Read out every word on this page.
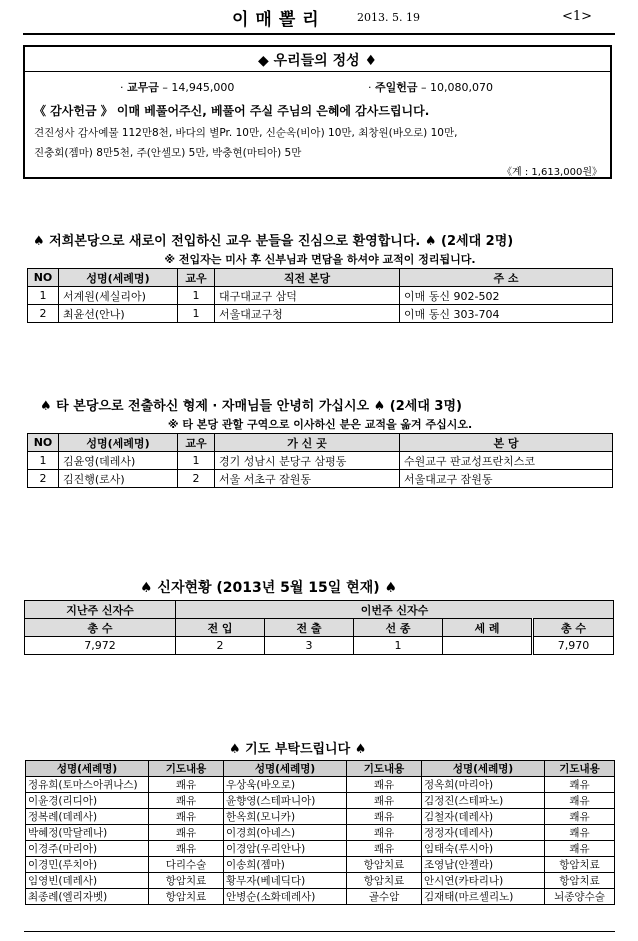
이매뽈리	2013. 5. 19	<1>
◆ 우리들의 정성 ♦
· 교무금 – 14,945,000	· 주일헌금 – 10,080,070
《 감사헌금 》 이매 베풀어주신, 베풀어 주실 주님의 은혜에 감사드립니다.
견진성사 감사예물 112만8천, 바다의 별Pr. 10만, 신순옥(비아) 10만, 최창원(바오로) 10만,
진충회(젬마) 8만5천, 주(안셀모) 5만, 박충현(마티아) 5만
《계 : 1,613,000원》
♠ 저희본당으로 새로이 전입하신 교우 분들을 진심으로 환영합니다. ♠ (2세대 2명)
※ 전입자는 미사 후 신부님과 면담을 하셔야 교적이 정리됩니다.
NO	성명(세례명)	교우	직전 본당	주 소
1	서계원(세실리아)	1	대구대교구 삼덕	이매 동신 902-502
2	최윤선(안나)	1	서울대교구청	이매 동신 303-704
♠ 타 본당으로 전출하신 형제 · 자매님들 안녕히 가십시오 ♠ (2세대 3명)
※ 타 본당 관할 구역으로 이사하신 분은 교적을 옮겨 주십시오.
NO	성명(세례명)	교우	가 신 곳	본 당
1	김윤영(데레사)	1	경기 성남시 분당구 삼평동	수원교구 판교성프란치스코
2	김진행(로사)	2	서울 서초구 잠원동	서울대교구 잠원동
♠ 신자현황 (2013년 5월 15일 현재) ♠
지난주 신자수	이번주 신자수				
총 수	전 입	전 출	선 종	세 례	총 수
7,972	2	3	1		7,970
♠ 기도 부탁드립니다 ♠
성명(세례명)	기도내용	성명(세례명)	기도내용	성명(세례명)	기도내용
정유희(토마스아퀴나스)	쾌유	우상욱(바오로)	쾌유	정옥희(마리아)	쾌유
이윤경(리디아)	쾌유	윤향영(스테파니아)	쾌유	김정진(스테파노)	쾌유
정복례(데레사)	쾌유	한옥희(모니카)	쾌유	김철자(데레사)	쾌유
박혜정(막달레나)	쾌유	이경희(아네스)	쾌유	정정자(데레사)	쾌유
이경주(마리아)	쾌유	이경암(우리안나)	쾌유	임태숙(루시아)	쾌유
이경민(루치아)	다리수술	이송희(젬마)	항암치료	조영남(안젤라)	항암치료
임영빈(데레사)	항암치료	황무자(베네딕다)	항암치료	안시연(카타리나)	항암치료
최종례(엘리자벳)	항암치료	안병순(소화데레사)	골수암	김재태(마르셀리노)	뇌종양수술
